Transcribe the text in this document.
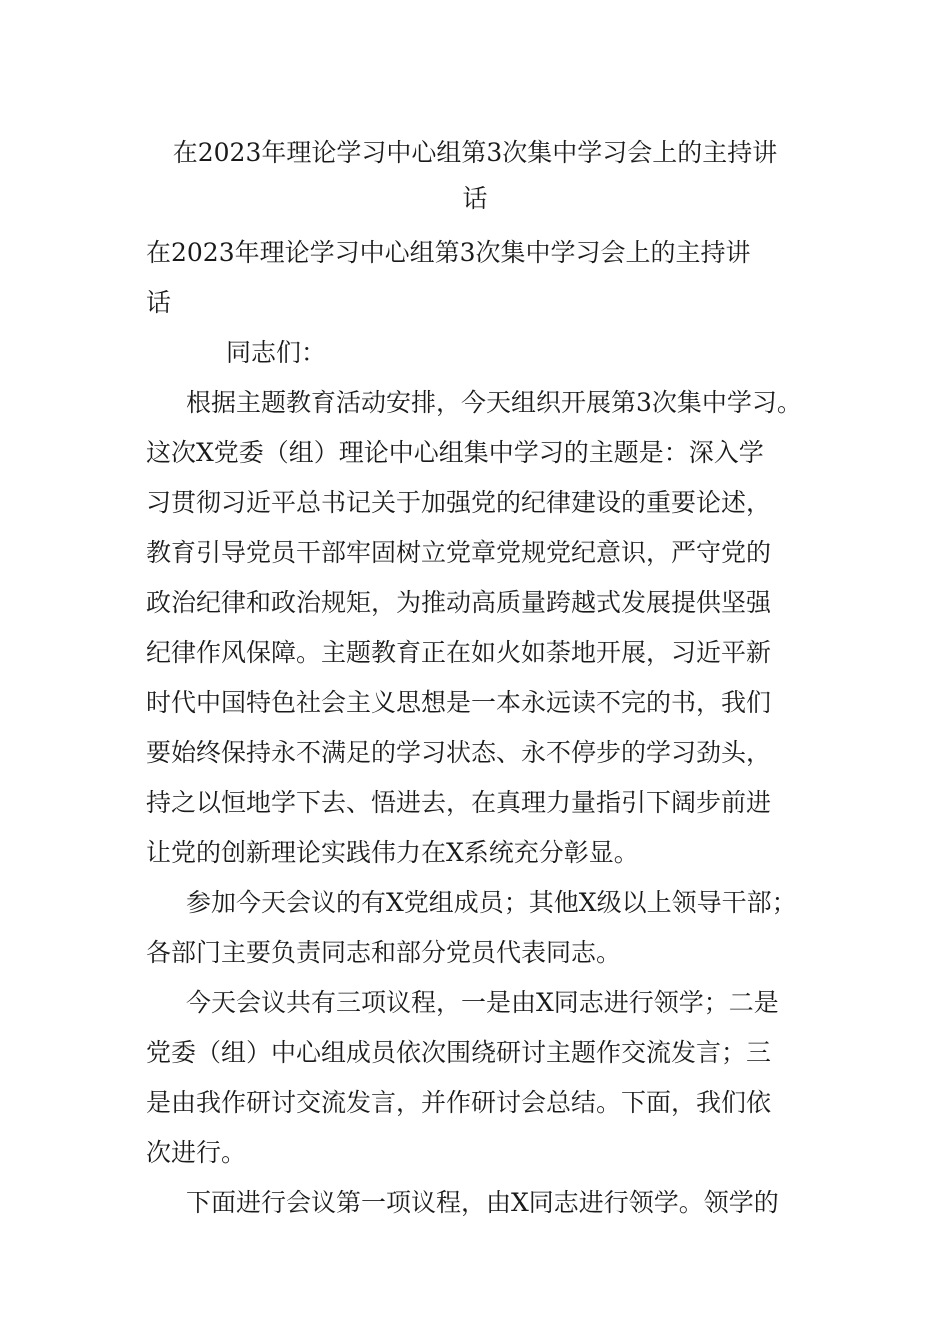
在2023年理论学习中心组第3次集中学习会上的主持讲
话
在2023年理论学习中心组第3次集中学习会上的主持讲
话
同志们：
根据主题教育活动安排，今天组织开展第3次集中学习。
这次X党委（组）理论中心组集中学习的主题是：深入学
习贯彻习近平总书记关于加强党的纪律建设的重要论述，
教育引导党员干部牢固树立党章党规党纪意识，严守党的
政治纪律和政治规矩，为推动高质量跨越式发展提供坚强
纪律作风保障。主题教育正在如火如荼地开展，习近平新
时代中国特色社会主义思想是一本永远读不完的书，我们
要始终保持永不满足的学习状态、永不停步的学习劲头，
持之以恒地学下去、悟进去，在真理力量指引下阔步前进
让党的创新理论实践伟力在X系统充分彰显。
参加今天会议的有X党组成员；其他X级以上领导干部；
各部门主要负责同志和部分党员代表同志。
今天会议共有三项议程，一是由X同志进行领学；二是
党委（组）中心组成员依次围绕研讨主题作交流发言；三
是由我作研讨交流发言，并作研讨会总结。下面，我们依
次进行。
下面进行会议第一项议程，由X同志进行领学。领学的
